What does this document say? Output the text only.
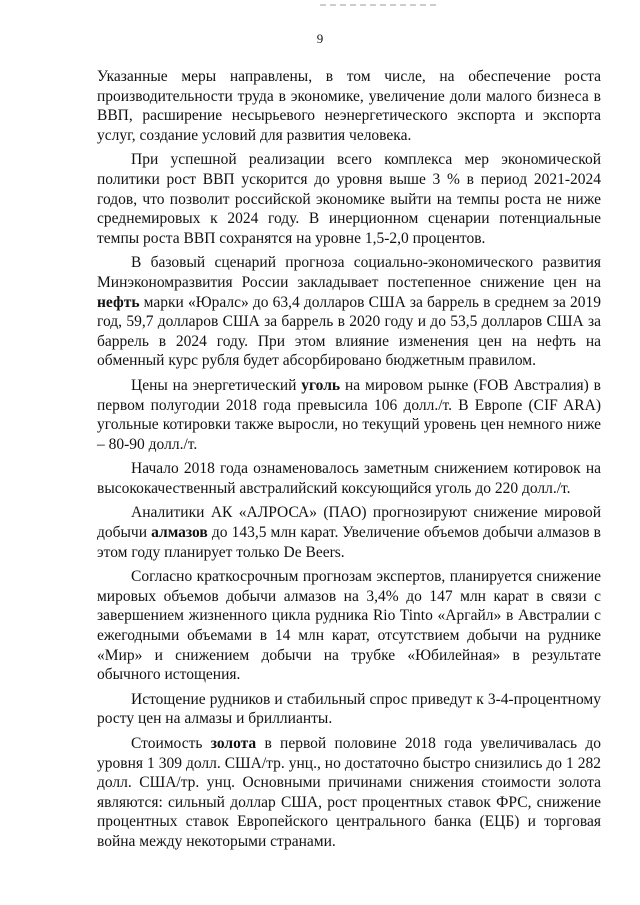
9

Указанные меры направлены, в том числе, на обеспечение роста производительности труда в экономике, увеличение доли малого бизнеса в ВВП, расширение несырьевого неэнергетического экспорта и экспорта услуг, создание условий для развития человека.

При успешной реализации всего комплекса мер экономической политики рост ВВП ускорится до уровня выше 3 % в период 2021-2024 годов, что позволит российской экономике выйти на темпы роста не ниже среднемировых к 2024 году. В инерционном сценарии потенциальные темпы роста ВВП сохранятся на уровне 1,5-2,0 процентов.

В базовый сценарий прогноза социально-экономического развития Минэкономразвития России закладывает постепенное снижение цен на нефть марки «Юралс» до 63,4 долларов США за баррель в среднем за 2019 год, 59,7 долларов США за баррель в 2020 году и до 53,5 долларов США за баррель в 2024 году. При этом влияние изменения цен на нефть на обменный курс рубля будет абсорбировано бюджетным правилом.

Цены на энергетический уголь на мировом рынке (FOB Австралия) в первом полугодии 2018 года превысила 106 долл./т. В Европе (CIF ARA) угольные котировки также выросли, но текущий уровень цен немного ниже – 80-90 долл./т.

Начало 2018 года ознаменовалось заметным снижением котировок на высококачественный австралийский коксующийся уголь до 220 долл./т.

Аналитики АК «АЛРОСА» (ПАО) прогнозируют снижение мировой добычи алмазов до 143,5 млн карат. Увеличение объемов добычи алмазов в этом году планирует только De Beers.

Согласно краткосрочным прогнозам экспертов, планируется снижение мировых объемов добычи алмазов на 3,4% до 147 млн карат в связи с завершением жизненного цикла рудника Rio Tinto «Аргайл» в Австралии с ежегодными объемами в 14 млн карат, отсутствием добычи на руднике «Мир» и снижением добычи на трубке «Юбилейная» в результате обычного истощения.

Истощение рудников и стабильный спрос приведут к 3-4-процентному росту цен на алмазы и бриллианты.

Стоимость золота в первой половине 2018 года увеличивалась до уровня 1 309 долл. США/тр. унц., но достаточно быстро снизились до 1 282 долл. США/тр. унц. Основными причинами снижения стоимости золота являются: сильный доллар США, рост процентных ставок ФРС, снижение процентных ставок Европейского центрального банка (ЕЦБ) и торговая война между некоторыми странами.
